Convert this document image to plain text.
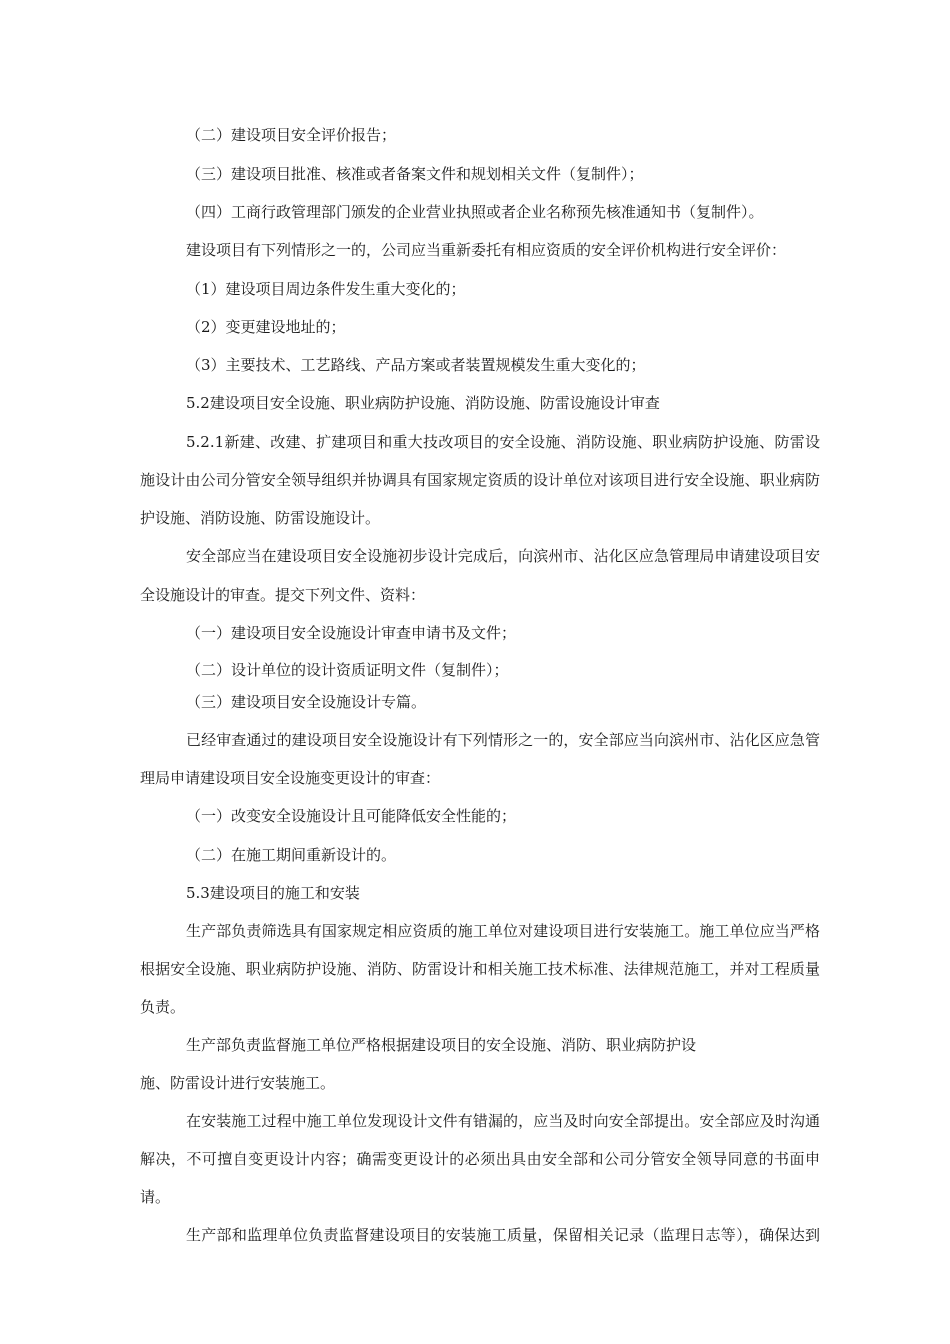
（二）建设项目安全评价报告；
（三）建设项目批准、核准或者备案文件和规划相关文件（复制件）；
（四）工商行政管理部门颁发的企业营业执照或者企业名称预先核准通知书（复制件）。
建设项目有下列情形之一的，公司应当重新委托有相应资质的安全评价机构进行安全评价：
（1）建设项目周边条件发生重大变化的；
（2）变更建设地址的；
（3）主要技术、工艺路线、产品方案或者装置规模发生重大变化的；
5.2建设项目安全设施、职业病防护设施、消防设施、防雷设施设计审查
5.2.1新建、改建、扩建项目和重大技改项目的安全设施、消防设施、职业病防护设施、防雷设
施设计由公司分管安全领导组织并协调具有国家规定资质的设计单位对该项目进行安全设施、职业病防
护设施、消防设施、防雷设施设计。
安全部应当在建设项目安全设施初步设计完成后，向滨州市、沾化区应急管理局申请建设项目安
全设施设计的审查。提交下列文件、资料：
（一）建设项目安全设施设计审查申请书及文件；
（二）设计单位的设计资质证明文件（复制件）；
（三）建设项目安全设施设计专篇。
已经审查通过的建设项目安全设施设计有下列情形之一的，安全部应当向滨州市、沾化区应急管
理局申请建设项目安全设施变更设计的审查：
（一）改变安全设施设计且可能降低安全性能的；
（二）在施工期间重新设计的。
5.3建设项目的施工和安装
生产部负责筛选具有国家规定相应资质的施工单位对建设项目进行安装施工。施工单位应当严格
根据安全设施、职业病防护设施、消防、防雷设计和相关施工技术标准、法律规范施工，并对工程质量
负责。
生产部负责监督施工单位严格根据建设项目的安全设施、消防、职业病防护设
施、防雷设计进行安装施工。
在安装施工过程中施工单位发现设计文件有错漏的，应当及时向安全部提出。安全部应及时沟通
解决，不可擅自变更设计内容；确需变更设计的必须出具由安全部和公司分管安全领导同意的书面申
请。
生产部和监理单位负责监督建设项目的安装施工质量，保留相关记录（监理日志等），确保达到
